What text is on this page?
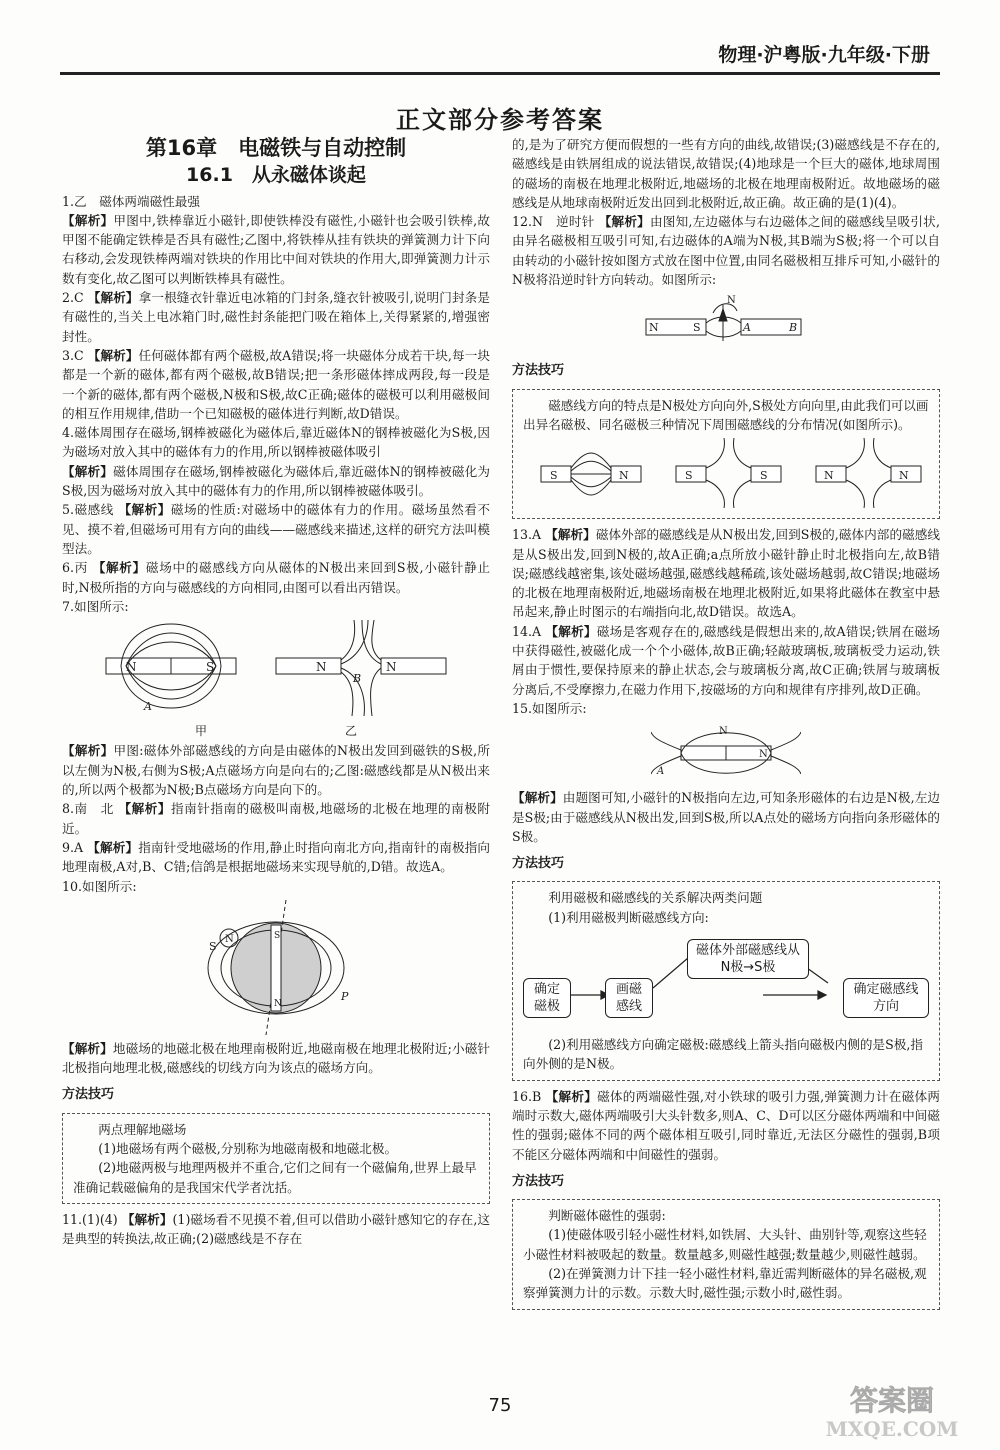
物理·沪粤版·九年级·下册
正文部分参考答案
第16章　电磁铁与自动控制
16.1　从永磁体谈起

1.乙　磁体两端磁性最强

【解析】甲图中,铁棒靠近小磁针,即使铁棒没有磁性,小磁针也会吸引铁棒,故甲图不能确定铁棒是否具有磁性;乙图中,将铁棒从挂有铁块的弹簧测力计下向右移动,会发现铁棒两端对铁块的作用比中间对铁块的作用大,即弹簧测力计示数有变化,故乙图可以判断铁棒具有磁性。

2.C 【解析】拿一根缝衣针靠近电冰箱的门封条,缝衣针被吸引,说明门封条是有磁性的,当关上电冰箱门时,磁性封条能把门吸在箱体上,关得紧紧的,增强密封性。

3.C 【解析】任何磁体都有两个磁极,故A错误;将一块磁体分成若干块,每一块都是一个新的磁体,都有两个磁极,故B错误;把一条形磁体摔成两段,每一段是一个新的磁体,都有两个磁极,N极和S极,故C正确;磁体的磁极可以利用磁极间的相互作用规律,借助一个已知磁极的磁体进行判断,故D错误。

4.磁体周围存在磁场,钢棒被磁化为磁体后,靠近磁体N的钢棒被磁化为S极,因为磁场对放入其中的磁体有力的作用,所以钢棒被磁体吸引

【解析】磁体周围存在磁场,钢棒被磁化为磁体后,靠近磁体N的钢棒被磁化为S极,因为磁场对放入其中的磁体有力的作用,所以钢棒被磁体吸引。

5.磁感线 【解析】磁场的性质:对磁场中的磁体有力的作用。磁场虽然看不见、摸不着,但磁场可用有方向的曲线——磁感线来描述,这样的研究方法叫模型法。

6.丙 【解析】磁场中的磁感线方向从磁体的N极出来回到S极,小磁针静止时,N极所指的方向与磁感线的方向相同,由图可以看出丙错误。

7.如图所示:

N	S	N	N
A
B
甲	乙

【解析】甲图:磁体外部磁感线的方向是由磁体的N极出发回到磁铁的S极,所以左侧为N极,右侧为S极;A点磁场方向是向右的;乙图:磁感线都是从N极出来的,所以两个极都为N极;B点磁场方向是向下的。

8.南　北 【解析】指南针指南的磁极叫南极,地磁场的北极在地理的南极附近。

9.A 【解析】指南针受地磁场的作用,静止时指向南北方向,指南针的南极指向地理南极,A对,B、C错;信鸽是根据地磁场来实现导航的,D错。故选A。

10.如图所示:

S
N
N
S
P

【解析】地磁场的地磁北极在地理南极附近,地磁南极在地理北极附近;小磁针北极指向地理北极,磁感线的切线方向为该点的磁场方向。

方法技巧

两点理解地磁场

(1)地磁场有两个磁极,分别称为地磁南极和地磁北极。

(2)地磁两极与地理两极并不重合,它们之间有一个磁偏角,世界上最早准确记载磁偏角的是我国宋代学者沈括。

11.(1)(4) 【解析】(1)磁场看不见摸不着,但可以借助小磁针感知它的存在,这是典型的转换法,故正确;(2)磁感线是不存在

的,是为了研究方便而假想的一些有方向的曲线,故错误;(3)磁感线是不存在的,磁感线是由铁屑组成的说法错误,故错误;(4)地球是一个巨大的磁体,地球周围的磁场的南极在地理北极附近,地磁场的北极在地理南极附近。故地磁场的磁感线是从地球南极附近发出回到北极附近,故正确。故正确的是(1)(4)。

12.N　逆时针 【解析】由图知,左边磁体与右边磁体之间的磁感线呈吸引状,由异名磁极相互吸引可知,右边磁体的A端为N极,其B端为S极;将一个可以自由转动的小磁针按如图方式放在图中位置,由同名磁极相互排斥可知,小磁针的N极将沿逆时针方向转动。如图所示:

N	S	A	B
N
方法技巧

磁感线方向的特点是N极处方向向外,S极处方向向里,由此我们可以画出异名磁极、同名磁极三种情况下周围磁感线的分布情况(如图所示)。

S	N	S	S	N	N

13.A 【解析】磁体外部的磁感线是从N极出发,回到S极的,磁体内部的磁感线是从S极出发,回到N极的,故A正确;a点所放小磁针静止时北极指向左,故B错误;磁感线越密集,该处磁场越强,磁感线越稀疏,该处磁场越弱,故C错误;地磁场的北极在地理南极附近,地磁场南极在地理北极附近,如果将此磁体在教室中悬吊起来,静止时图示的右端指向北,故D错误。故选A。

14.A 【解析】磁场是客观存在的,磁感线是假想出来的,故A错误;铁屑在磁场中获得磁性,被磁化成一个个小磁体,故B正确;轻敲玻璃板,玻璃板受力运动,铁屑由于惯性,要保持原来的静止状态,会与玻璃板分离,故C正确;铁屑与玻璃板分离后,不受摩擦力,在磁力作用下,按磁场的方向和规律有序排列,故D正确。

15.如图所示:

N
N
A

【解析】由题图可知,小磁针的N极指向左边,可知条形磁体的右边是N极,左边是S极;由于磁感线从N极出发,回到S极,所以A点处的磁场方向指向条形磁体的S极。

方法技巧

利用磁极和磁感线的关系解决两类问题

(1)利用磁极判断磁感线方向:

确定磁极
画磁感线
磁体外部磁感线从N极→S极
确定磁感线方向

(2)利用磁感线方向确定磁极:磁感线上箭头指向磁极内侧的是S极,指向外侧的是N极。

16.B 【解析】磁体的两端磁性强,对小铁球的吸引力强,弹簧测力计在磁体两端时示数大,磁体两端吸引大头针数多,则A、C、D可以区分磁体两端和中间磁性的强弱;磁体不同的两个磁体相互吸引,同时靠近,无法区分磁性的强弱,B项不能区分磁体两端和中间磁性的强弱。

方法技巧

判断磁体磁性的强弱:

(1)使磁体吸引轻小磁性材料,如铁屑、大头针、曲别针等,观察这些轻小磁性材料被吸起的数量。数量越多,则磁性越强;数量越少,则磁性越弱。

(2)在弹簧测力计下挂一轻小磁性材料,靠近需判断磁体的异名磁极,观察弹簧测力计的示数。示数大时,磁性强;示数小时,磁性弱。

75	答案圈
MXQE.COM
